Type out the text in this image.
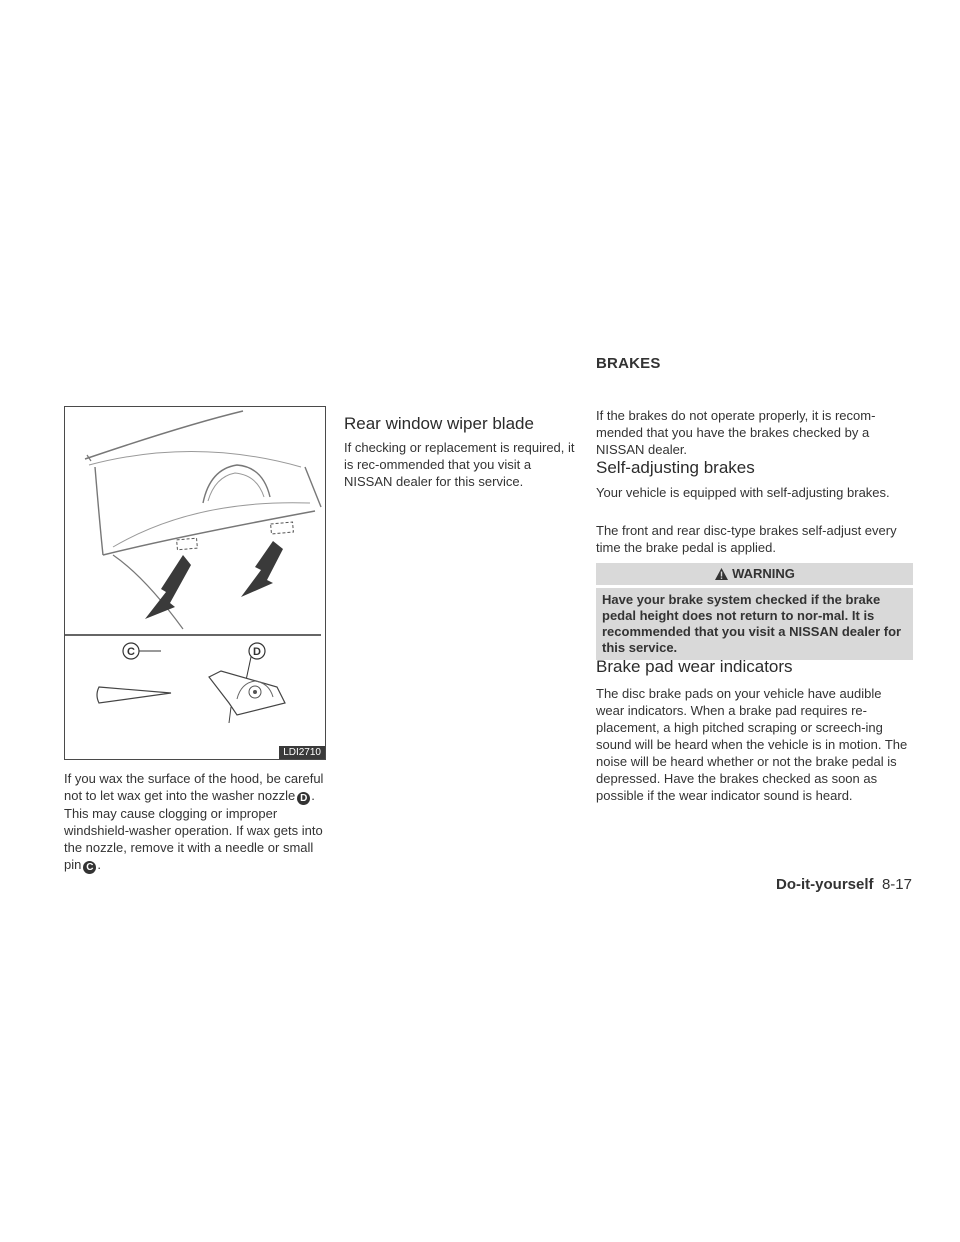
C	D
LDI2710
If you wax the surface of the hood, be careful not to let wax get into the washer nozzle D . This may cause clogging or improper windshield-washer operation. If wax gets into the nozzle, remove it with a needle or small pin C .
Rear window wiper blade
If checking or replacement is required, it is rec-ommended that you visit a NISSAN dealer for this service.
BRAKES
If the brakes do not operate properly, it is recom-mended that you have the brakes checked by a NISSAN dealer.
Self-adjusting brakes
Your vehicle is equipped with self-adjusting brakes.
The front and rear disc-type brakes self-adjust every time the brake pedal is applied.
WARNING
Have your brake system checked if the brake pedal height does not return to nor-mal. It is recommended that you visit a NISSAN dealer for this service.
Brake pad wear indicators
The disc brake pads on your vehicle have audible wear indicators. When a brake pad requires re-placement, a high pitched scraping or screech-ing sound will be heard when the vehicle is in motion. The noise will be heard whether or not the brake pedal is depressed. Have the brakes checked as soon as possible if the wear indicator sound is heard.
Do-it-yourself 8-17
